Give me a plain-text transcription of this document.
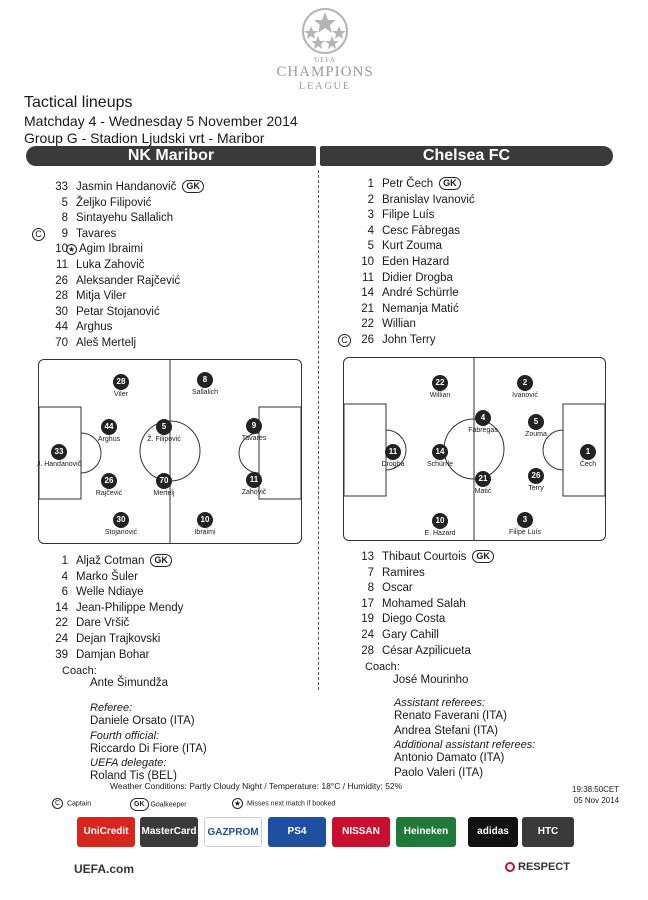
UEFA
CHAMPIONS
LEAGUE
Tactical lineups
Matchday 4 - Wednesday 5 November 2014
Group G - Stadion Ljudski vrt - Maribor
NK Maribor	Chelsea FC
33 Jasmin Handanovič GK
5 Željko Filipović
8 Sintayehu Sallalich
C	9 Tavares
10 ★ Agim Ibraimi
11 Luka Zahovič
26 Aleksander Rajčević
28 Mitja Viler
30 Petar Stojanović
44 Arghus
70 Aleš Mertelj
1 Petr Čech GK
2 Branislav Ivanović
3 Filipe Luís
4 Cesc Fàbregas
5 Kurt Zouma
10 Eden Hazard
11 Didier Drogba
14 André Schürrle
21 Nemanja Matić
22 Willian
C	26 John Terry
28
Viler
8
Sallalich
44
Arghus
5
Ž. Filipović
9
Tavares
33
J. Handanovič
26
Rajčević
70
Mertelj
11
Zahovič
30
Stojanović
10
Ibraimi
22
Willian
2
Ivanović
4
Fàbregas
5
Zouma
11
Drogba
14
Schürrle
21
Matić
1
Čech
26
Terry
10
E. Hazard
3
Filipe Luís
1 Aljaž Cotman GK
4 Marko Šuler
6 Welle Ndiaye
14 Jean-Philippe Mendy
22 Dare Vršič
24 Dejan Trajkovski
39 Damjan Bohar
13 Thibaut Courtois GK
7 Ramires
8 Oscar
17 Mohamed Salah
19 Diego Costa
24 Gary Cahill
28 César Azpilicueta
Coach:
Ante Šimundža
Coach:
José Mourinho
Referee:
Daniele Orsato (ITA)
Fourth official:
Riccardo Di Fiore (ITA)
UEFA delegate:
Roland Tis (BEL)
Assistant referees:
Renato Faverani (ITA)
Andrea Stefani (ITA)
Additional assistant referees:
Antonio Damato (ITA)
Paolo Valeri (ITA)
Weather Conditions: Partly Cloudy Night / Temperature: 18°C / Humidity: 52%	19:38:50CET
05 Nov 2014
C Captain	GK Goalkeeper	★ Misses next match if booked
UniCredit	MasterCard	GAZPROM	PS4	NISSAN	Heineken	adidas	HTC
UEFA.com	RESPECT
